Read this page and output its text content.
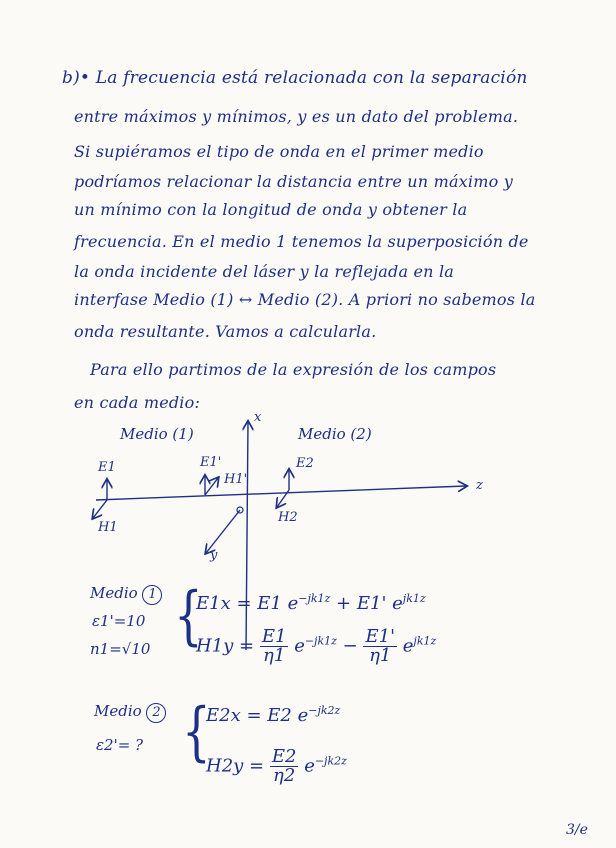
b)• La frecuencia está relacionada con la separación
entre máximos y mínimos, y es un dato del problema.
Si supiéramos el tipo de onda en el primer medio
podríamos relacionar la distancia entre un máximo y
un mínimo con la longitud de onda y obtener la
frecuencia. En el medio 1 tenemos la superposición de
la onda incidente del láser y la reflejada en la
interfase Medio (1) ↔ Medio (2). A priori no sabemos la
onda resultante. Vamos a calcularla.
Para ello partimos de la expresión de los campos
en cada medio:
Medio (1)	Medio (2)
x
z
y
E1
H1
E1'
H1'
E2
H2
Medio 1
ε1'=10
n1=√10 {
E1x = E1 $e^{-jk1z} + E1'$ $e^{jk1z}$
$H1y = \frac{E1}{\eta 1} e^{-jk1z} - \frac{E1'}{\eta 1} e^{jk1z}$
Medio 2
ε2'= ? {
E2x = E2 $e^{-jk2z}$
$H2y = \frac{E2}{\eta 2} e^{-jk2z}$
3/e
